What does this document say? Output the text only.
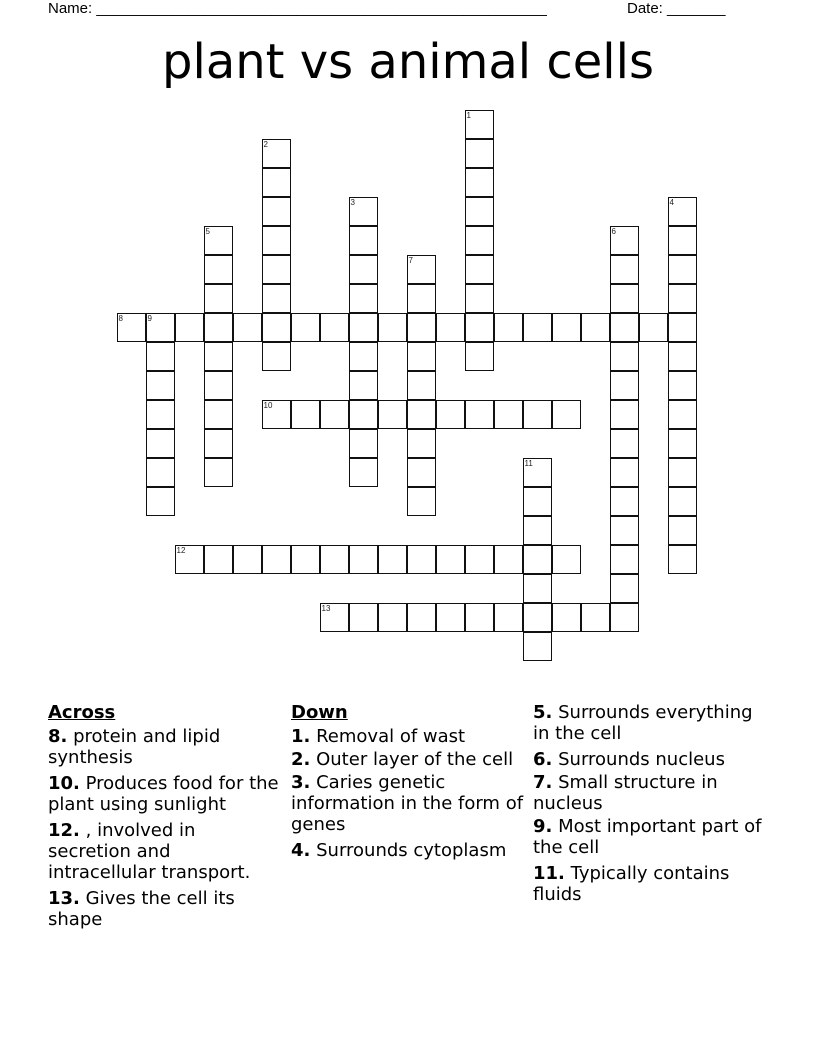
Name: ______________________________________________________	Date: _______
plant vs animal cells
1
2
3	4
5	6
7
8	9
10
11
12
13
Across
8. protein and lipid synthesis
10. Produces food for the plant using sunlight
12. , involved in secretion and intracellular transport.
13. Gives the cell its shape
Down
1. Removal of wast
2. Outer layer of the cell
3. Caries genetic information in the form of genes
4. Surrounds cytoplasm
5. Surrounds everything in the cell
6. Surrounds nucleus
7. Small structure in nucleus
9. Most important part of the cell
11. Typically contains fluids
